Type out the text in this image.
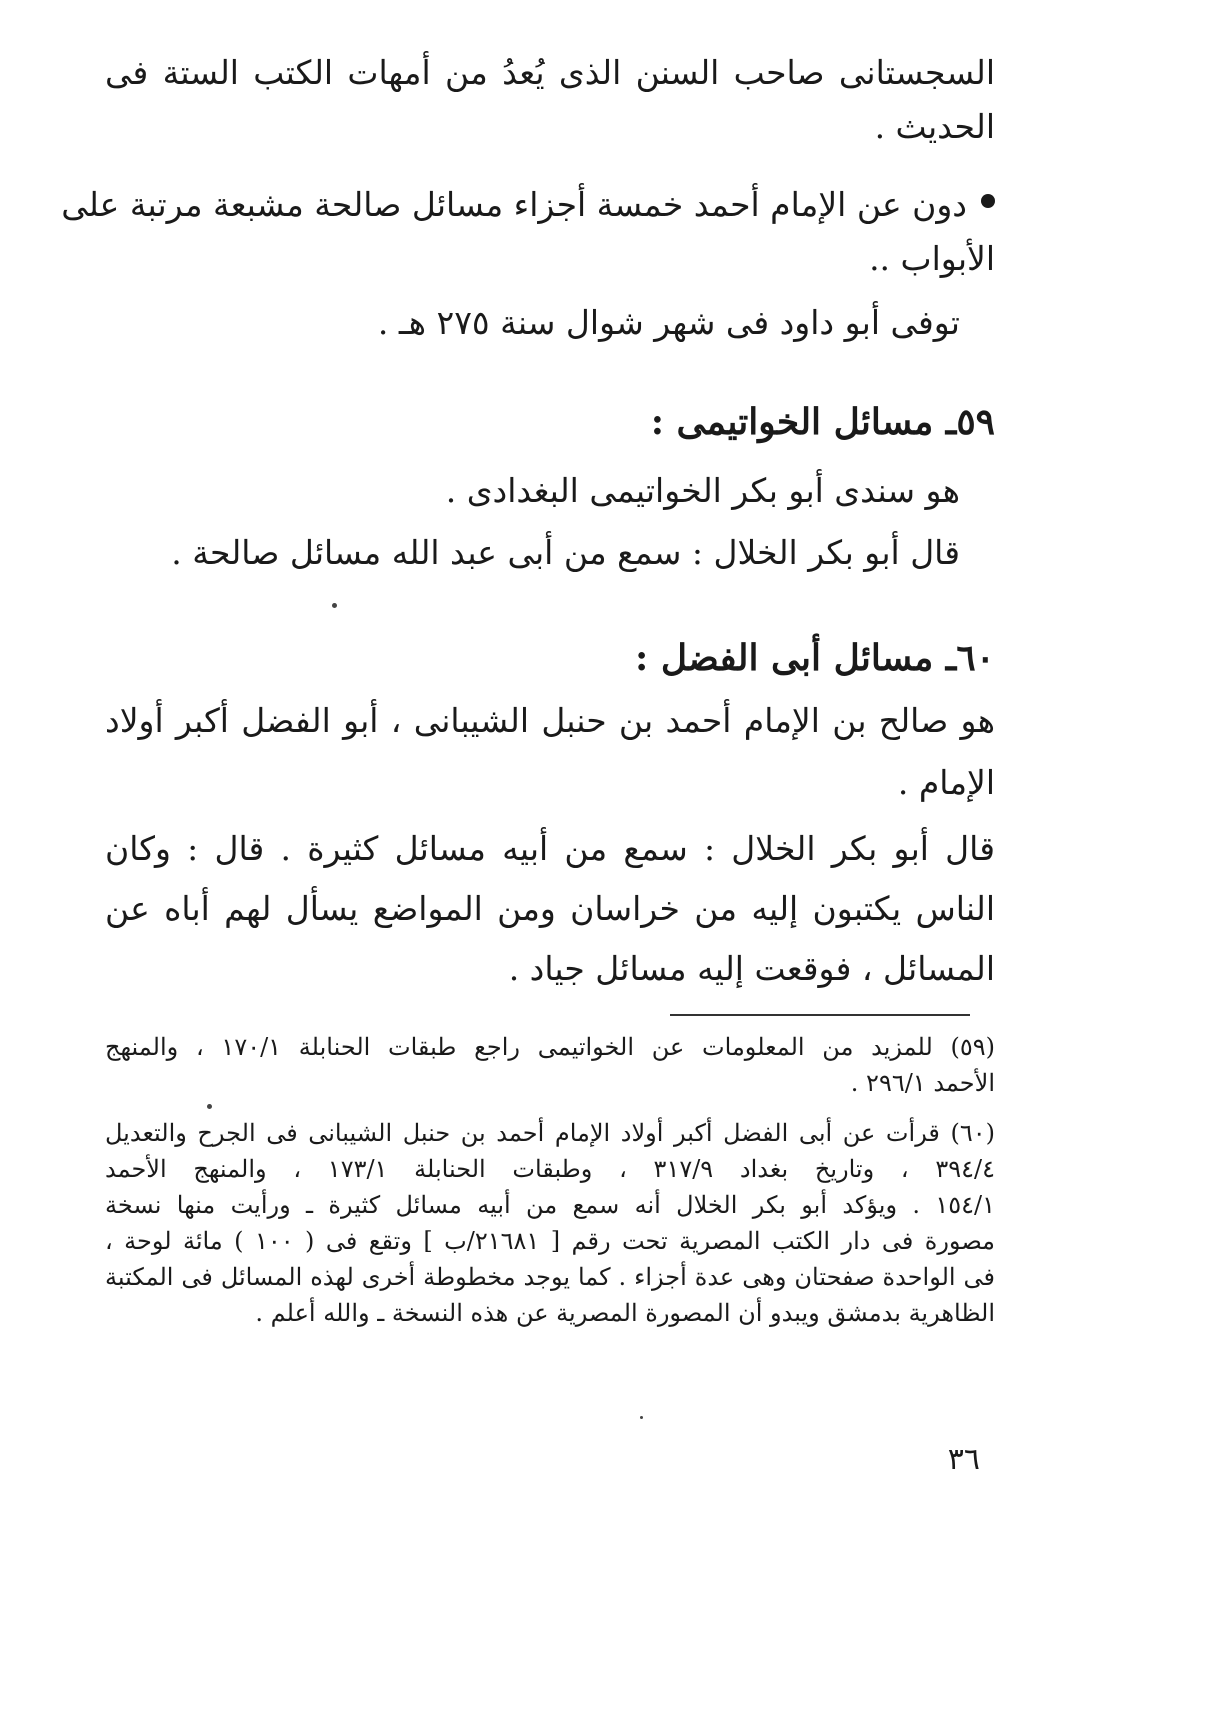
السجستانى صاحب السنن الذى يُعدُ من أمهات الكتب الستة فى
الحديث .
دون عن الإمام أحمد خمسة أجزاء مسائل صالحة مشبعة مرتبة على
الأبواب ..
توفى أبو داود فى شهر شوال سنة ٢٧٥ هـ .
٥٩ـ مسائل الخواتيمى :
هو سندى أبو بكر الخواتيمى البغدادى .
قال أبو بكر الخلال : سمع من أبى عبد الله مسائل صالحة .
٦٠ـ مسائل أبى الفضل :
هو صالح بن الإمام أحمد بن حنبل الشيبانى ، أبو الفضل أكبر أولاد
الإمام .
قال أبو بكر الخلال : سمع من أبيه مسائل كثيرة . قال : وكان
الناس يكتبون إليه من خراسان ومن المواضع يسأل لهم أباه عن
المسائل ، فوقعت إليه مسائل جياد .
(٥٩) للمزيد من المعلومات عن الخواتيمى راجع طبقات الحنابلة ١٧٠/١ ، والمنهج
الأحمد ٢٩٦/١ .
(٦٠) قرأت عن أبى الفضل أكبر أولاد الإمام أحمد بن حنبل الشيبانى فى الجرح والتعديل
٣٩٤/٤ ، وتاريخ بغداد ٣١٧/٩ ، وطبقات الحنابلة ١٧٣/١ ، والمنهج الأحمد
١٥٤/١ . ويؤكد أبو بكر الخلال أنه سمع من أبيه مسائل كثيرة ـ ورأيت منها نسخة
مصورة فى دار الكتب المصرية تحت رقم [ ٢١٦٨١/ب ] وتقع فى ( ١٠٠ ) مائة لوحة ،
فى الواحدة صفحتان وهى عدة أجزاء . كما يوجد مخطوطة أخرى لهذه المسائل فى المكتبة
الظاهرية بدمشق ويبدو أن المصورة المصرية عن هذه النسخة ـ والله أعلم .
٣٦
